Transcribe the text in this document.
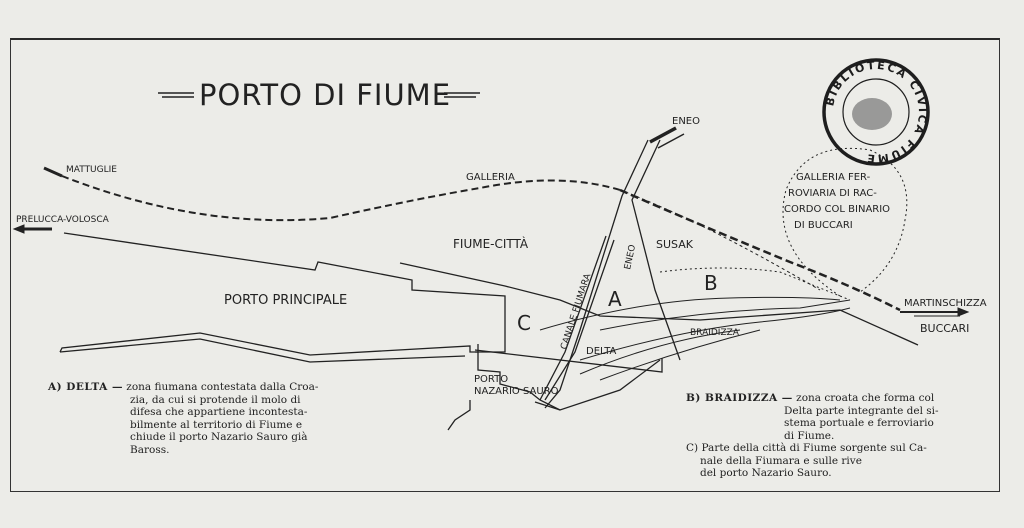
PORTO DI FIUME
MATTUGLIE
PRELUCCA-VOLOSCA
GALLERIA
ENEO
FIUME-CITTÀ	SUSAK
CANALE FIUMARA
ENEO
PORTO PRINCIPALE
C
A
B
DELTA
BRAIDIZZA
PORTO
NAZARIO SAURO
MARTINSCHIZZA
BUCCARI
GALLERIA FER-
ROVIARIA DI RAC-
CORDO COL BINARIO
DI BUCCARI
BIBLIOTECA CIVICA FIUME
A) DELTA — zona fiumana contestata dalla Croa-
zia, da cui si protende il molo di
difesa che appartiene incontesta-
bilmente al territorio di Fiume e
chiude il porto Nazario Sauro già
Baross.
B) BRAIDIZZA — zona croata che forma col
Delta parte integrante del si-
stema portuale e ferroviario
di Fiume.
C) Parte della città di Fiume sorgente sul Ca-
nale della Fiumara e sulle rive
del porto Nazario Sauro.
